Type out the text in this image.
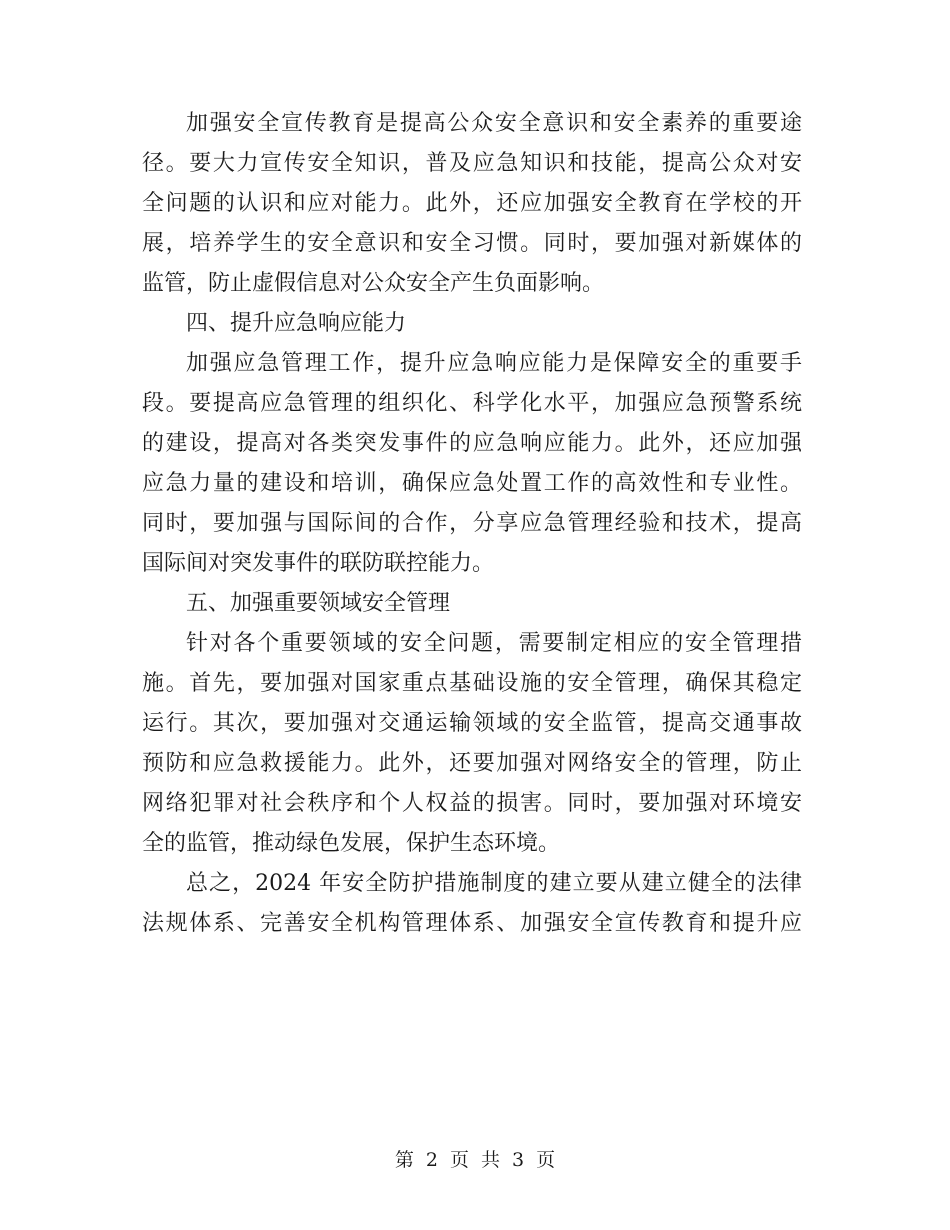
加强安全宣传教育是提高公众安全意识和安全素养的重要途
径。要大力宣传安全知识，普及应急知识和技能，提高公众对安
全问题的认识和应对能力。此外，还应加强安全教育在学校的开
展，培养学生的安全意识和安全习惯。同时，要加强对新媒体的
监管，防止虚假信息对公众安全产生负面影响。
四、提升应急响应能力
加强应急管理工作，提升应急响应能力是保障安全的重要手
段。要提高应急管理的组织化、科学化水平，加强应急预警系统
的建设，提高对各类突发事件的应急响应能力。此外，还应加强
应急力量的建设和培训，确保应急处置工作的高效性和专业性。
同时，要加强与国际间的合作，分享应急管理经验和技术，提高
国际间对突发事件的联防联控能力。
五、加强重要领域安全管理
针对各个重要领域的安全问题，需要制定相应的安全管理措
施。首先，要加强对国家重点基础设施的安全管理，确保其稳定
运行。其次，要加强对交通运输领域的安全监管，提高交通事故
预防和应急救援能力。此外，还要加强对网络安全的管理，防止
网络犯罪对社会秩序和个人权益的损害。同时，要加强对环境安
全的监管，推动绿色发展，保护生态环境。
总之，2024 年安全防护措施制度的建立要从建立健全的法律
法规体系、完善安全机构管理体系、加强安全宣传教育和提升应
第 2 页 共 3 页
